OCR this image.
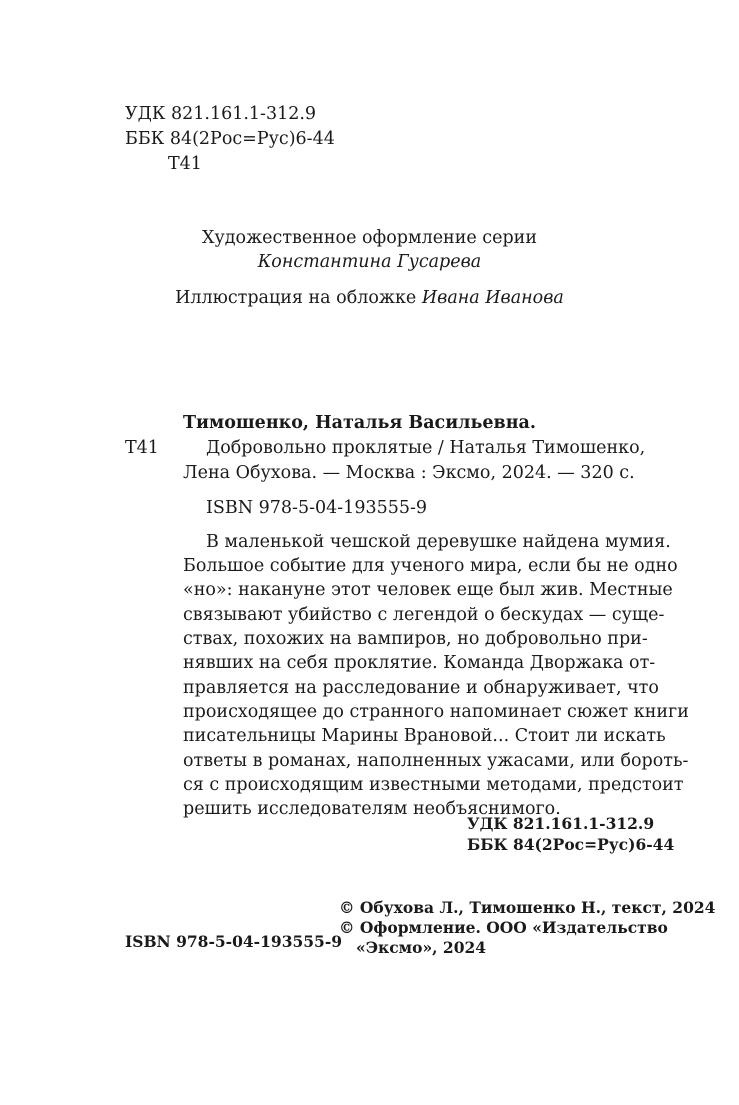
УДК 821.161.1-312.9
ББК 84(2Рос=Рус)6-44
Т41
Художественное оформление серии
Константина Гусарева
Иллюстрация на обложке Ивана Иванова
Тимошенко, Наталья Васильевна.
Т41	Добровольно проклятые / Наталья Тимошенко,
Лена Обухова. — Москва : Эксмо, 2024. — 320 с.
ISBN 978-5-04-193555-9
В маленькой чешской деревушке найдена мумия.
Большое событие для ученого мира, если бы не одно
«но»: накануне этот человек еще был жив. Местные
связывают убийство с легендой о бескудах — суще-
ствах, похожих на вампиров, но добровольно при-
нявших на себя проклятие. Команда Дворжака от-
правляется на расследование и обнаруживает, что
происходящее до странного напоминает сюжет книги
писательницы Марины Врановой... Стоит ли искать
ответы в романах, наполненных ужасами, или бороть-
ся с происходящим известными методами, предстоит
решить исследователям необъяснимого.
УДК 821.161.1-312.9
ББК 84(2Рос=Рус)6-44
© Обухова Л., Тимошенко Н., текст, 2024
© Оформление. ООО «Издательство
ISBN 978-5-04-193555-9 «Эксмо», 2024
